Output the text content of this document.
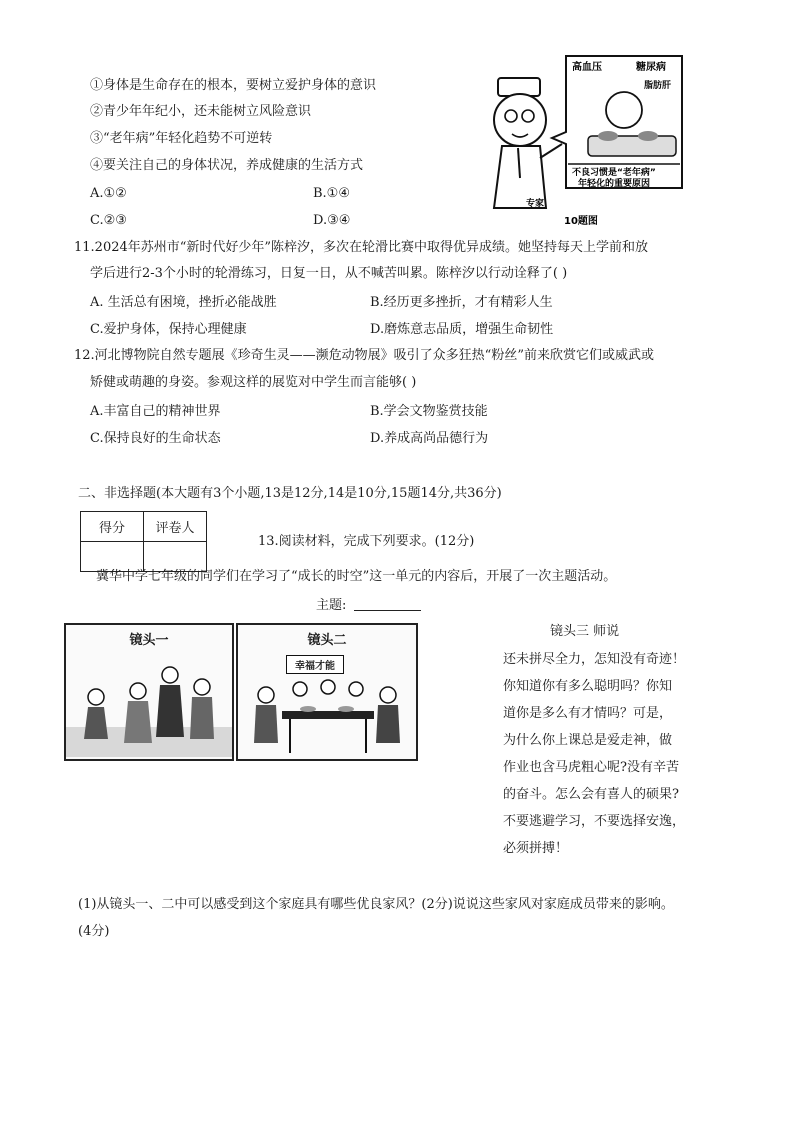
①身体是生命存在的根本，要树立爱护身体的意识
②青少年年纪小，还未能树立风险意识
③“老年病”年轻化趋势不可逆转
④要关注自己的身体状况，养成健康的生活方式
A.①②	B.①④
C.②③	D.③④
高血压	糖尿病
脂肪肝
不良习惯是“老年病”
年轻化的重要原因
专家
10题图
11.2024年苏州市“新时代好少年”陈梓汐，多次在轮滑比赛中取得优异成绩。她坚持每天上学前和放
学后进行2-3个小时的轮滑练习，日复一日，从不喊苦叫累。陈梓汐以行动诠释了( )
A. 生活总有困境，挫折必能战胜	B.经历更多挫折，才有精彩人生
C.爱护身体，保持心理健康	D.磨炼意志品质，增强生命韧性
12.河北博物院自然专题展《珍奇生灵——濒危动物展》吸引了众多狂热“粉丝”前来欣赏它们或威武或
矫健或萌趣的身姿。参观这样的展览对中学生而言能够( )
A.丰富自己的精神世界	B.学会文物鉴赏技能
C.保持良好的生命状态	D.养成高尚品德行为
二、非选择题(本大题有3个小题,13是12分,14是10分,15题14分,共36分)
得分	评卷人

13.阅读材料，完成下列要求。(12分)
冀华中学七年级的同学们在学习了“成长的时空”这一单元的内容后，开展了一次主题活动。
主题:
镜头一	镜头二
幸福才能
镜头三 师说
还未拼尽全力，怎知没有奇迹！
你知道你有多么聪明吗？你知
道你是多么有才情吗？可是，
为什么你上课总是爱走神，做
作业也含马虎粗心呢?没有辛苦
的奋斗。怎么会有喜人的硕果?
不要逃避学习，不要选择安逸，
必须拼搏！
(1)从镜头一、二中可以感受到这个家庭具有哪些优良家风？(2分)说说这些家风对家庭成员带来的影响。
(4分)
